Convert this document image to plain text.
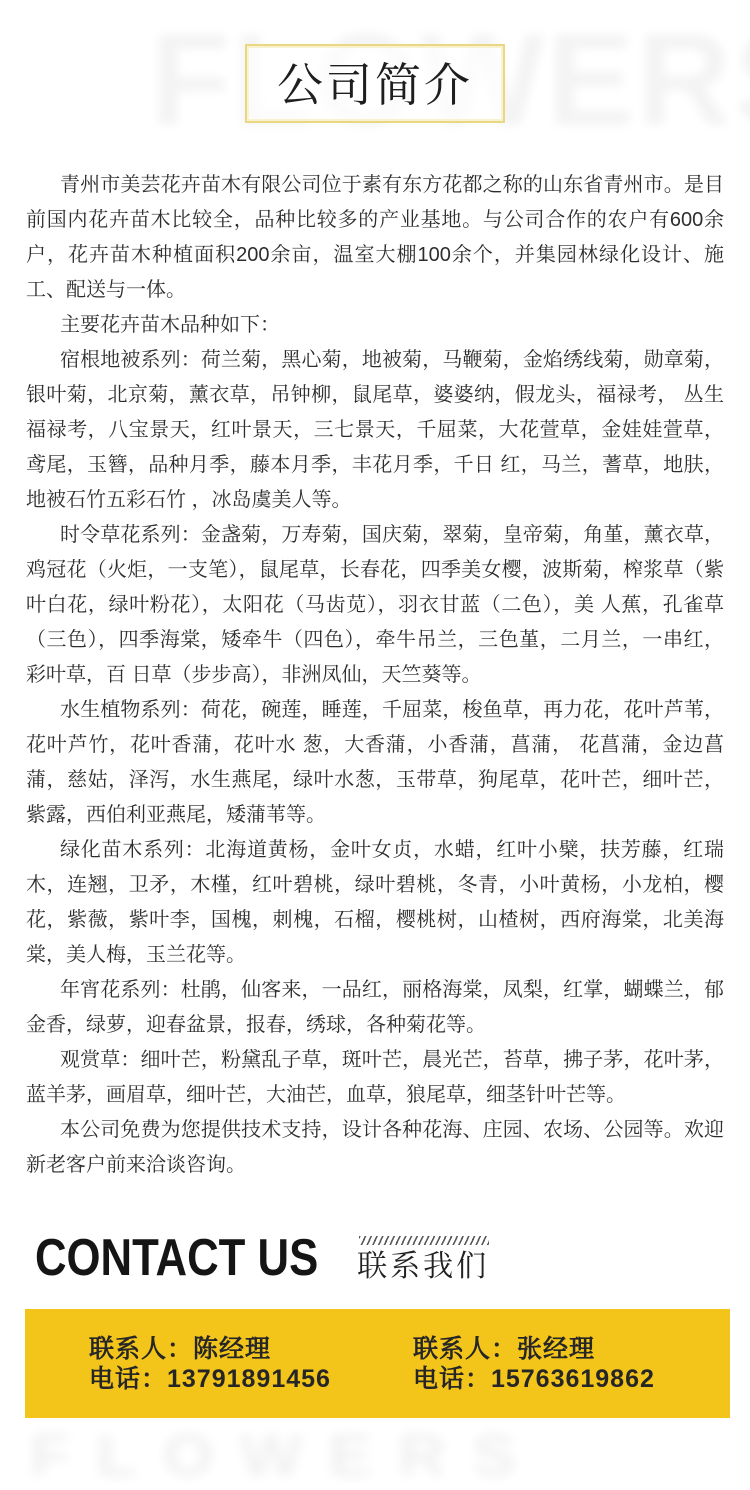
公司简介

青州市美芸花卉苗木有限公司位于素有东方花都之称的山东省青州市。是目前国内花卉苗木比较全，品种比较多的产业基地。与公司合作的农户有600余户，花卉苗木种植面积200余亩，温室大棚100余个，并集园林绿化设计、施工、配送与一体。

主要花卉苗木品种如下：

宿根地被系列：荷兰菊，黑心菊，地被菊，马鞭菊，金焰绣线菊，勋章菊，银叶菊，北京菊，薰衣草，吊钟柳，鼠尾草，婆婆纳，假龙头，福禄考， 丛生福禄考，八宝景天，红叶景天，三七景天，千屈菜，大花萱草，金娃娃萱草，鸢尾，玉簪，品种月季，藤本月季，丰花月季，千日 红，马兰，蓍草，地肤，地被石竹五彩石竹 ，冰岛虞美人等。

时令草花系列：金盏菊，万寿菊，国庆菊，翠菊，皇帝菊，角堇，薰衣草，鸡冠花（火炬，一支笔），鼠尾草，长春花，四季美女樱，波斯菊，榨浆草（紫叶白花，绿叶粉花），太阳花（马齿苋），羽衣甘蓝（二色），美 人蕉，孔雀草（三色），四季海棠，矮牵牛（四色），牵牛吊兰，三色堇，二月兰，一串红，彩叶草，百 日草（步步高），非洲凤仙，天竺葵等。

水生植物系列：荷花，碗莲，睡莲，千屈菜，梭鱼草，再力花，花叶芦苇，花叶芦竹，花叶香蒲，花叶水 葱，大香蒲，小香蒲，菖蒲， 花菖蒲，金边菖蒲，慈姑，泽泻，水生燕尾，绿叶水葱，玉带草，狗尾草，花叶芒，细叶芒，紫露，西伯利亚燕尾，矮蒲苇等。

绿化苗木系列：北海道黄杨，金叶女贞，水蜡，红叶小檗，扶芳藤，红瑞木，连翘，卫矛，木槿，红叶碧桃，绿叶碧桃，冬青，小叶黄杨，小龙柏，樱花，紫薇，紫叶李，国槐，刺槐，石榴，樱桃树，山楂树，西府海棠，北美海棠，美人梅，玉兰花等。

年宵花系列：杜鹃，仙客来，一品红，丽格海棠，凤梨，红掌，蝴蝶兰，郁金香，绿萝，迎春盆景，报春，绣球，各种菊花等。

观赏草：细叶芒，粉黛乱子草，斑叶芒，晨光芒，苔草，拂子茅，花叶茅，蓝羊茅，画眉草，细叶芒，大油芒，血草，狼尾草，细茎针叶芒等。

本公司免费为您提供技术支持，设计各种花海、庄园、农场、公园等。欢迎新老客户前来洽谈咨询。

CONTACT US 联系我们
联系人：陈经理
电话：13791891456
联系人：张经理
电话：15763619862
FLOWERS
